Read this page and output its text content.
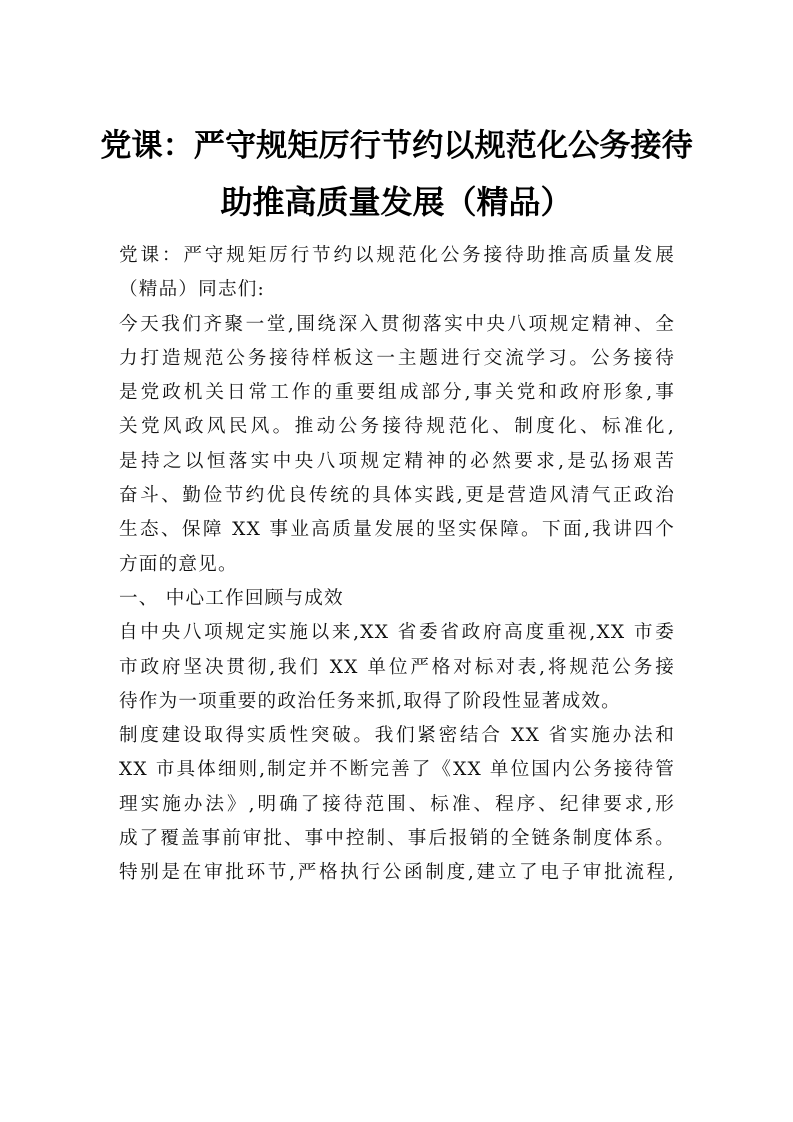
党课：严守规矩厉行节约以规范化公务接待
助推高质量发展（精品）
党课：严守规矩厉行节约以规范化公务接待助推高质量发展
（精品）同志们:
今天我们齐聚一堂,围绕深入贯彻落实中央八项规定精神、全
力打造规范公务接待样板这一主题进行交流学习。公务接待
是党政机关日常工作的重要组成部分,事关党和政府形象,事
关党风政风民风。推动公务接待规范化、制度化、标准化,
是持之以恒落实中央八项规定精神的必然要求,是弘扬艰苦
奋斗、勤俭节约优良传统的具体实践,更是营造风清气正政治
生态、保障 XX 事业高质量发展的坚实保障。下面,我讲四个
方面的意见。
一、 中心工作回顾与成效
自中央八项规定实施以来,XX 省委省政府高度重视,XX 市委
市政府坚决贯彻,我们 XX 单位严格对标对表,将规范公务接
待作为一项重要的政治任务来抓,取得了阶段性显著成效。
制度建设取得实质性突破。我们紧密结合 XX 省实施办法和
XX 市具体细则,制定并不断完善了《XX 单位国内公务接待管
理实施办法》,明确了接待范围、标准、程序、纪律要求,形
成了覆盖事前审批、事中控制、事后报销的全链条制度体系。
特别是在审批环节,严格执行公函制度,建立了电子审批流程,
